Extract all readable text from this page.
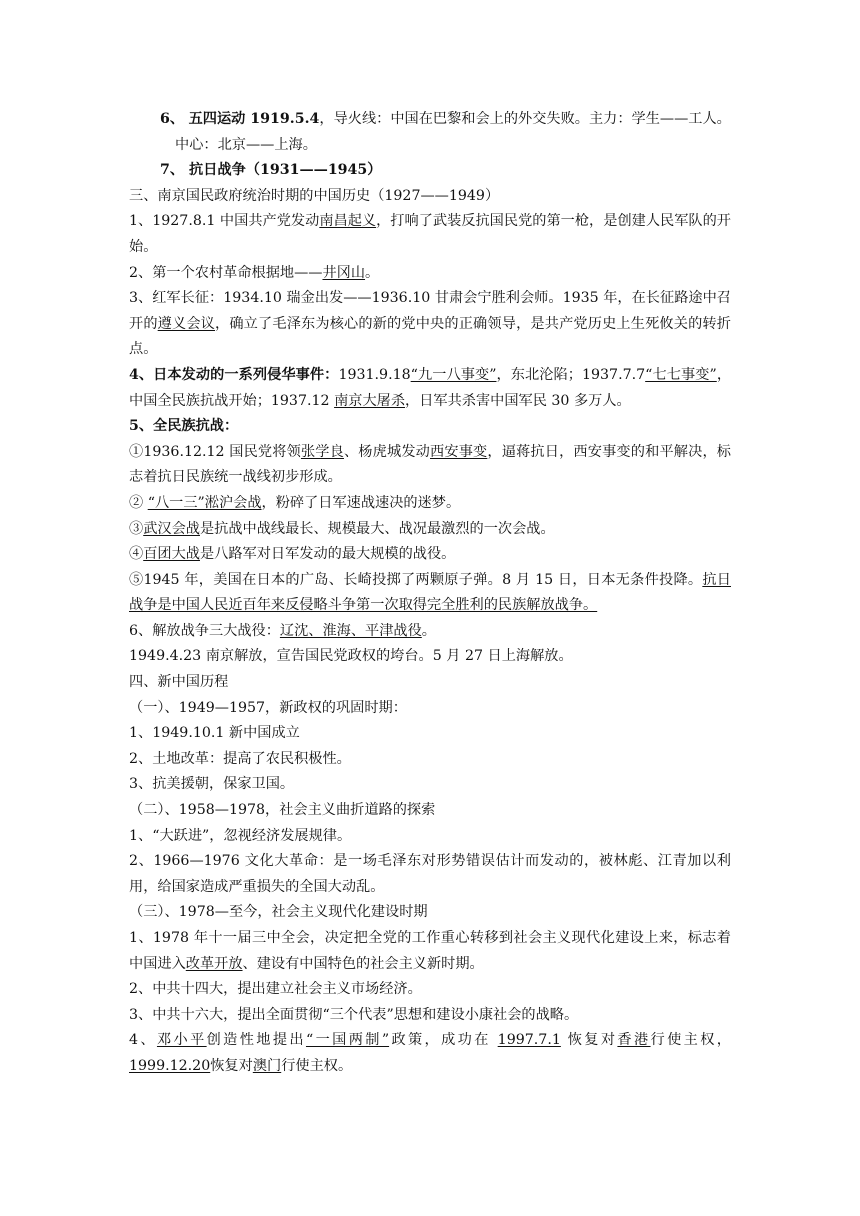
6、 五四运动 1919.5.4，导火线：中国在巴黎和会上的外交失败。主力：学生——工人。

中心：北京——上海。

7、 抗日战争（1931——1945）

三、南京国民政府统治时期的中国历史（1927——1949）

1、1927.8.1 中国共产党发动南昌起义，打响了武装反抗国民党的第一枪，是创建人民军队的开始。

2、第一个农村革命根据地——井冈山。

3、红军长征：1934.10 瑞金出发——1936.10 甘肃会宁胜利会师。1935 年，在长征路途中召开的遵义会议，确立了毛泽东为核心的新的党中央的正确领导，是共产党历史上生死攸关的转折点。

4、日本发动的一系列侵华事件：1931.9.18“九一八事变”，东北沦陷；1937.7.7“七七事变”，中国全民族抗战开始；1937.12 南京大屠杀，日军共杀害中国军民 30 多万人。

5、全民族抗战：

①1936.12.12 国民党将领张学良、杨虎城发动西安事变，逼蒋抗日，西安事变的和平解决，标志着抗日民族统一战线初步形成。

② “八一三”淞沪会战，粉碎了日军速战速决的迷梦。

③武汉会战是抗战中战线最长、规模最大、战况最激烈的一次会战。

④百团大战是八路军对日军发动的最大规模的战役。

⑤1945 年，美国在日本的广岛、长崎投掷了两颗原子弹。8 月 15 日，日本无条件投降。抗日战争是中国人民近百年来反侵略斗争第一次取得完全胜利的民族解放战争。

6、解放战争三大战役：辽沈、淮海、平津战役。

1949.4.23 南京解放，宣告国民党政权的垮台。5 月 27 日上海解放。

四、新中国历程

（一）、1949—1957，新政权的巩固时期：

1、1949.10.1 新中国成立

2、土地改革：提高了农民积极性。

3、抗美援朝，保家卫国。

（二）、1958—1978，社会主义曲折道路的探索

1、“大跃进”，忽视经济发展规律。

2、1966—1976 文化大革命：是一场毛泽东对形势错误估计而发动的，被林彪、江青加以利用，给国家造成严重损失的全国大动乱。

（三）、1978—至今，社会主义现代化建设时期

1、1978 年十一届三中全会，决定把全党的工作重心转移到社会主义现代化建设上来，标志着中国进入改革开放、建设有中国特色的社会主义新时期。

2、中共十四大，提出建立社会主义市场经济。

3、中共十六大，提出全面贯彻“三个代表”思想和建设小康社会的战略。

4、邓小平创造性地提出“一国两制”政策，成功在 1997.7.1 恢复对香港行使主权，1999.12.20恢复对澳门行使主权。
